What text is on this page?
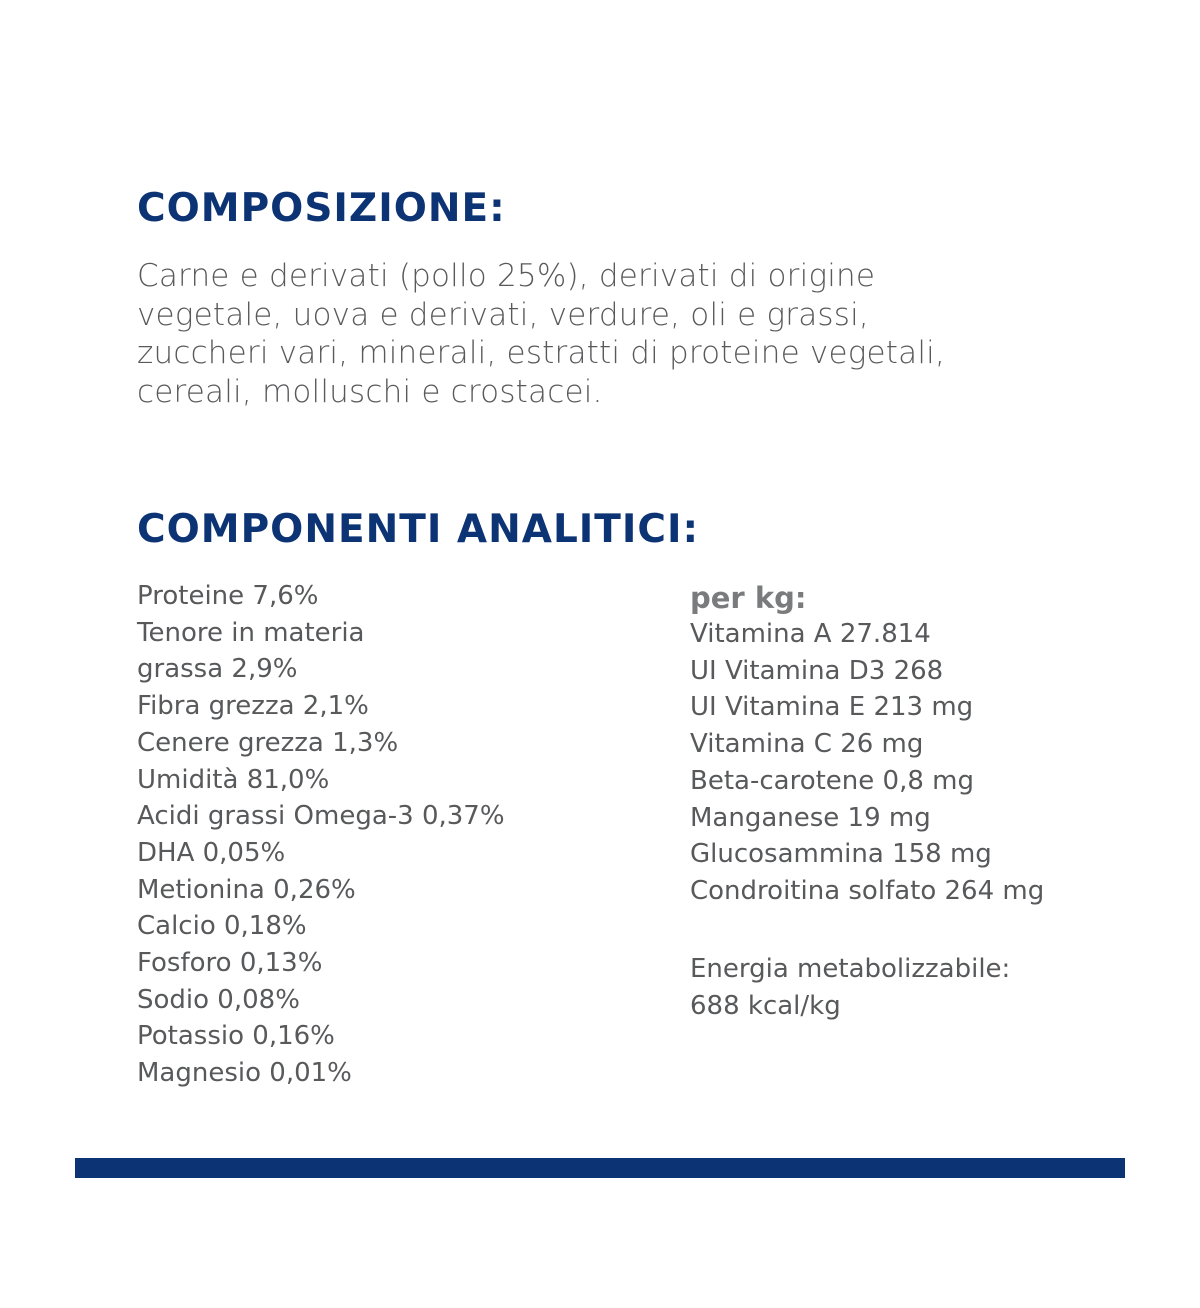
COMPOSIZIONE:

Carne e derivati (pollo 25%), derivati di origine
vegetale, uova e derivati, verdure, oli e grassi,
zuccheri vari, minerali, estratti di proteine vegetali,
cereali, molluschi e crostacei.

COMPONENTI ANALITICI:
Proteine 7,6%
Tenore in materia
grassa 2,9%
Fibra grezza 2,1%
Cenere grezza 1,3%
Umidità 81,0%
Acidi grassi Omega-3 0,37%
DHA 0,05%
Metionina 0,26%
Calcio 0,18%
Fosforo 0,13%
Sodio 0,08%
Potassio 0,16%
Magnesio 0,01%

per kg:

Vitamina A 27.814
UI Vitamina D3 268
UI Vitamina E 213 mg
Vitamina C 26 mg
Beta-carotene 0,8 mg
Manganese 19 mg
Glucosammina 158 mg
Condroitina solfato 264 mg

Energia metabolizzabile:
688 kcal/kg
